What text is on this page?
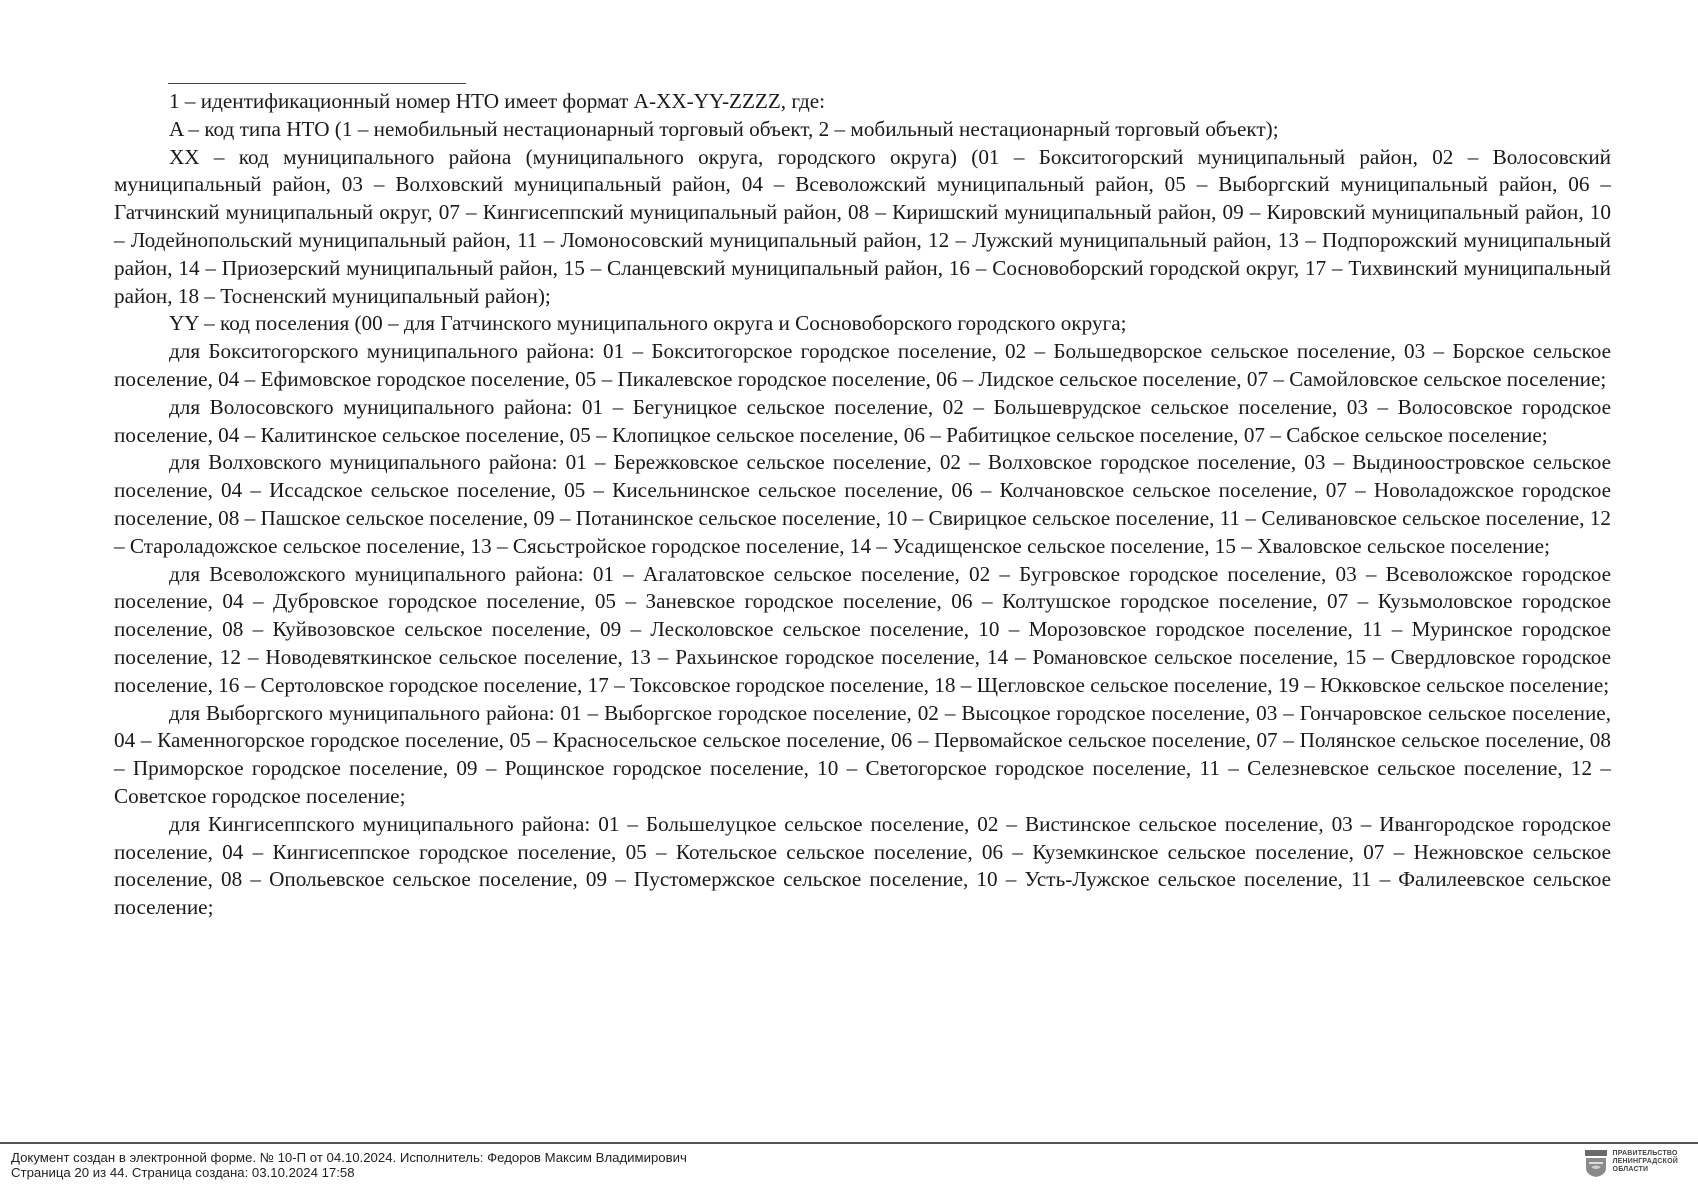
1 – идентификационный номер НТО имеет формат A-XX-YY-ZZZZ, где:

A – код типа НТО (1 – немобильный нестационарный торговый объект, 2 – мобильный нестационарный торговый объект);

XX – код муниципального района (муниципального округа, городского округа) (01 – Бокситогорский муниципальный район, 02 – Волосовский муниципальный район, 03 – Волховский муниципальный район, 04 – Всеволожский муниципальный район, 05 – Выборгский муниципальный район, 06 – Гатчинский муниципальный округ, 07 – Кингисеппский муниципальный район, 08 – Киришский муниципальный район, 09 – Кировский муниципальный район, 10 – Лодейнопольский муниципальный район, 11 – Ломоносовский муниципальный район, 12 – Лужский муниципальный район, 13 – Подпорожский муниципальный район, 14 – Приозерский муниципальный район, 15 – Сланцевский муниципальный район, 16 – Сосновоборский городской округ, 17 – Тихвинский муниципальный район, 18 – Тосненский муниципальный район);

YY – код поселения (00 – для Гатчинского муниципального округа и Сосновоборского городского округа;

для Бокситогорского муниципального района: 01 – Бокситогорское городское поселение, 02 – Большедворское сельское поселение, 03 – Борское сельское поселение, 04 – Ефимовское городское поселение, 05 – Пикалевское городское поселение, 06 – Лидское сельское поселение, 07 – Самойловское сельское поселение;

для Волосовского муниципального района: 01 – Бегуницкое сельское поселение, 02 – Большеврудское сельское поселение, 03 – Волосовское городское поселение, 04 – Калитинское сельское поселение, 05 – Клопицкое сельское поселение, 06 – Рабитицкое сельское поселение, 07 – Сабское сельское поселение;

для Волховского муниципального района: 01 – Бережковское сельское поселение, 02 – Волховское городское поселение, 03 – Выдиноостровское сельское поселение, 04 – Иссадское сельское поселение, 05 – Кисельнинское сельское поселение, 06 – Колчановское сельское поселение, 07 – Новоладожское городское поселение, 08 – Пашское сельское поселение, 09 – Потанинское сельское поселение, 10 – Свирицкое сельское поселение, 11 – Селивановское сельское поселение, 12 – Староладожское сельское поселение, 13 – Сясьстройское городское поселение, 14 – Усадищенское сельское поселение, 15 – Хваловское сельское поселение;

для Всеволожского муниципального района: 01 – Агалатовское сельское поселение, 02 – Бугровское городское поселение, 03 – Всеволожское городское поселение, 04 – Дубровское городское поселение, 05 – Заневское городское поселение, 06 – Колтушское городское поселение, 07 – Кузьмоловское городское поселение, 08 – Куйвозовское сельское поселение, 09 – Лесколовское сельское поселение, 10 – Морозовское городское поселение, 11 – Муринское городское поселение, 12 – Новодевяткинское сельское поселение, 13 – Рахьинское городское поселение, 14 – Романовское сельское поселение, 15 – Свердловское городское поселение, 16 – Сертоловское городское поселение, 17 – Токсовское городское поселение, 18 – Щегловское сельское поселение, 19 – Юкковское сельское поселение;

для Выборгского муниципального района: 01 – Выборгское городское поселение, 02 – Высоцкое городское поселение, 03 – Гончаровское сельское поселение, 04 – Каменногорское городское поселение, 05 – Красносельское сельское поселение, 06 – Первомайское сельское поселение, 07 – Полянское сельское поселение, 08 – Приморское городское поселение, 09 – Рощинское городское поселение, 10 – Светогорское городское поселение, 11 – Селезневское сельское поселение, 12 – Советское городское поселение;

для Кингисеппского муниципального района: 01 – Большелуцкое сельское поселение, 02 – Вистинское сельское поселение, 03 – Ивангородское городское поселение, 04 – Кингисеппское городское поселение, 05 – Котельское сельское поселение, 06 – Куземкинское сельское поселение, 07 – Нежновское сельское поселение, 08 – Опольевское сельское поселение, 09 – Пустомержское сельское поселение, 10 – Усть-Лужское сельское поселение, 11 – Фалилеевское сельское поселение;

Документ создан в электронной форме. № 10-П от 04.10.2024. Исполнитель: Федоров Максим Владимирович
Страница 20 из 44. Страница создана: 03.10.2024 17:58
ПРАВИТЕЛЬСТВО
ЛЕНИНГРАДСКОЙ
ОБЛАСТИ
